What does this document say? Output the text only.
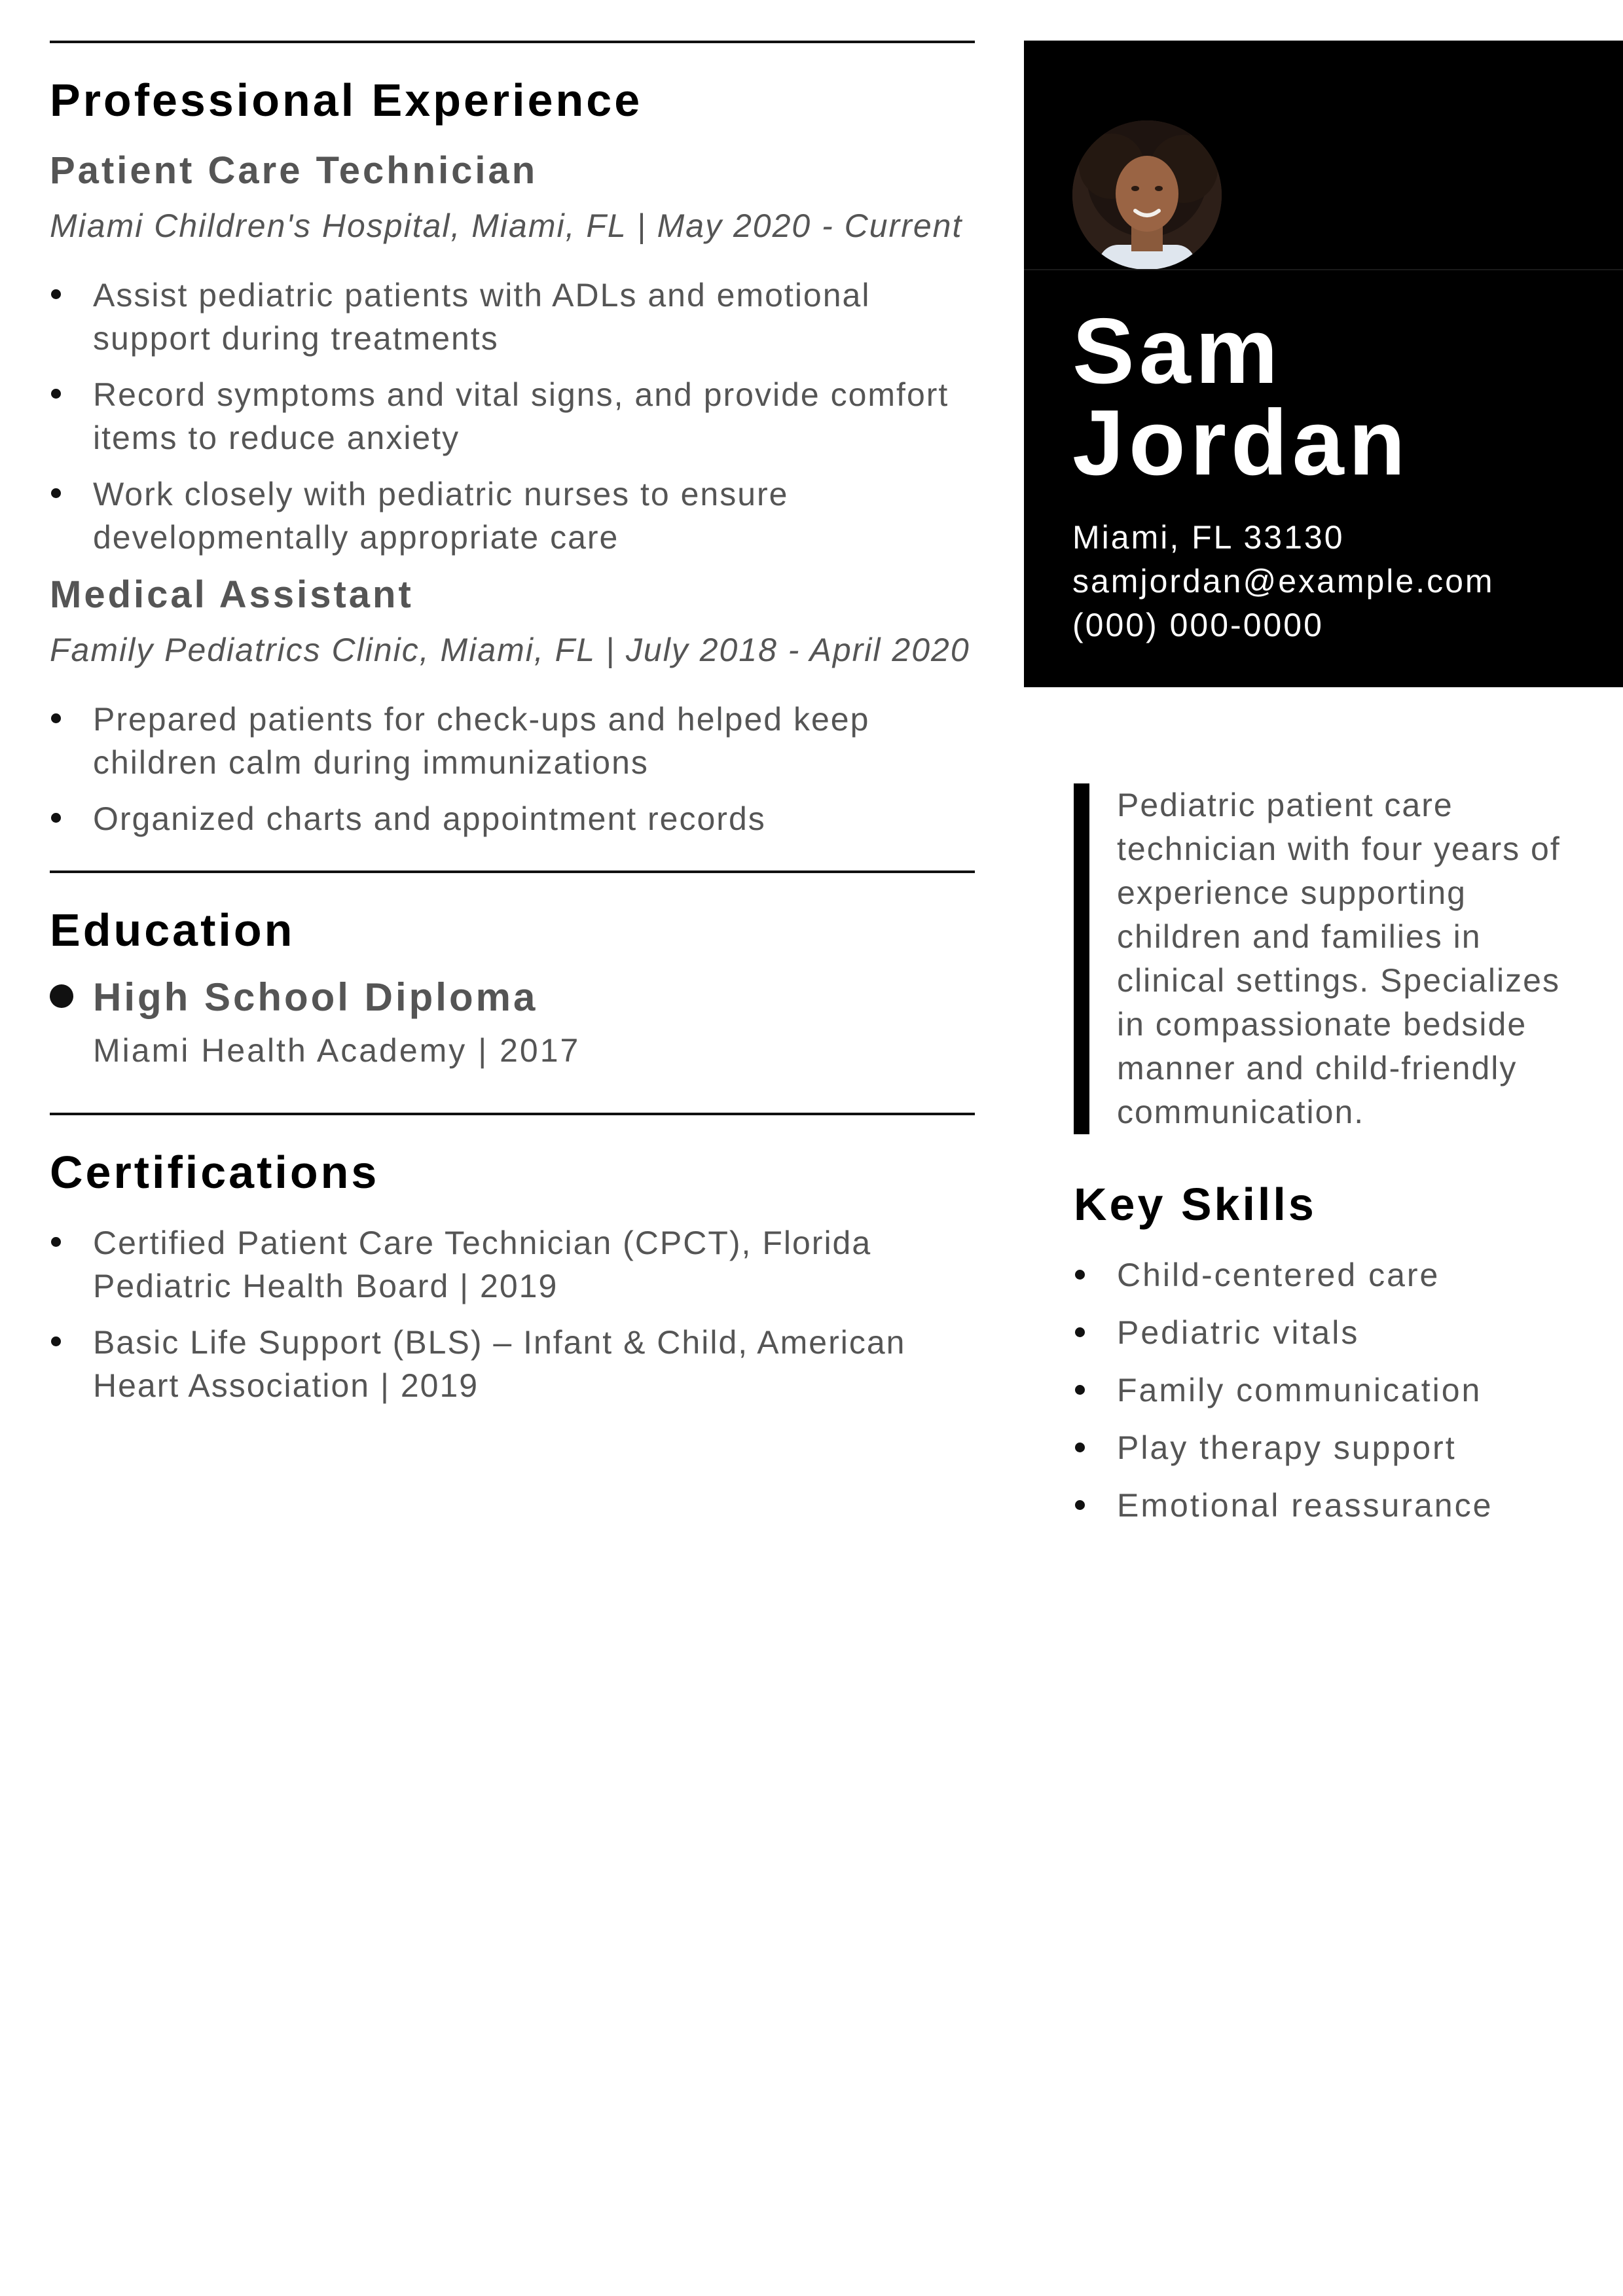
Professional Experience
Patient Care Technician
Miami Children's Hospital, Miami, FL | May 2020 - Current
Assist pediatric patients with ADLs and emotional support during treatments
Record symptoms and vital signs, and provide comfort items to reduce anxiety
Work closely with pediatric nurses to ensure developmentally appropriate care
Medical Assistant
Family Pediatrics Clinic, Miami, FL | July 2018 - April 2020
Prepared patients for check-ups and helped keep children calm during immunizations
Organized charts and appointment records
Education
High School Diploma
Miami Health Academy | 2017
Certifications
Certified Patient Care Technician (CPCT), Florida Pediatric Health Board | 2019
Basic Life Support (BLS) – Infant & Child, American Heart Association | 2019
Sam
Jordan
Miami, FL 33130
samjordan@example.com
(000) 000-0000
Pediatric patient care technician with four years of experience supporting children and families in clinical settings. Specializes in compassionate bedside manner and child-friendly communication.
Key Skills
Child-centered care
Pediatric vitals
Family communication
Play therapy support
Emotional reassurance
